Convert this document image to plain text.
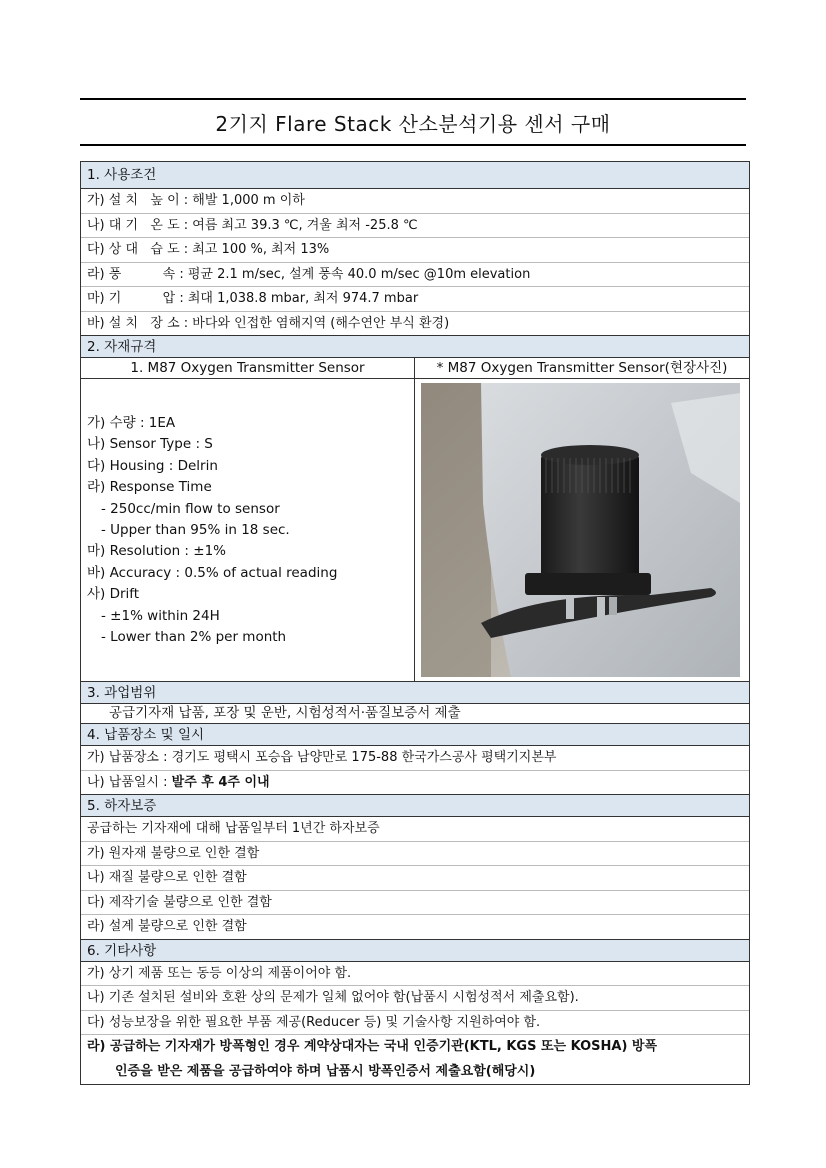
2기지 Flare Stack 산소분석기용 센서 구매
1. 사용조건
가) 설 치   높 이 : 해발 1,000 m 이하
나) 대 기   온 도 : 여름 최고 39.3 ℃, 겨울 최저 -25.8 ℃
다) 상 대   습 도 : 최고 100 %, 최저 13%
라) 풍          속 : 평균 2.1 m/sec, 설계 풍속 40.0 m/sec @10m elevation
마) 기          압 : 최대 1,038.8 mbar, 최저 974.7 mbar
바) 설 치   장 소 : 바다와 인접한 염해지역 (해수연안 부식 환경)
2. 자재규격
1. M87 Oxygen Transmitter Sensor
가) 수량 : 1EA
나) Sensor Type : S
다) Housing : Delrin
라) Response Time
- 250cc/min flow to sensor
- Upper than 95% in 18 sec.
마) Resolution : ±1%
바) Accuracy : 0.5% of actual reading
사) Drift
- ±1% within 24H
- Lower than 2% per month
* M87 Oxygen Transmitter Sensor(현장사진)
3. 과업범위
공급기자재 납품, 포장 및 운반, 시험성적서·품질보증서 제출
4. 납품장소 및 일시
가) 납품장소 : 경기도 평택시 포승읍 남양만로 175-88 한국가스공사 평택기지본부
나) 납품일시 : 발주 후 4주 이내
5. 하자보증
공급하는 기자재에 대해 납품일부터 1년간 하자보증
가) 원자재 불량으로 인한 결함
나) 재질 불량으로 인한 결함
다) 제작기술 불량으로 인한 결함
라) 설계 불량으로 인한 결함
6. 기타사항
가) 상기 제품 또는 동등 이상의 제품이어야 함.
나) 기존 설치된 설비와 호환 상의 문제가 일체 없어야 함(납품시 시험성적서 제출요함).
다) 성능보장을 위한 필요한 부품 제공(Reducer 등) 및 기술사항 지원하여야 함.
라) 공급하는 기자재가 방폭형인 경우 계약상대자는 국내 인증기관(KTL, KGS 또는 KOSHA) 방폭
인증을 받은 제품을 공급하여야 하며 납품시 방폭인증서 제출요함(해당시)
